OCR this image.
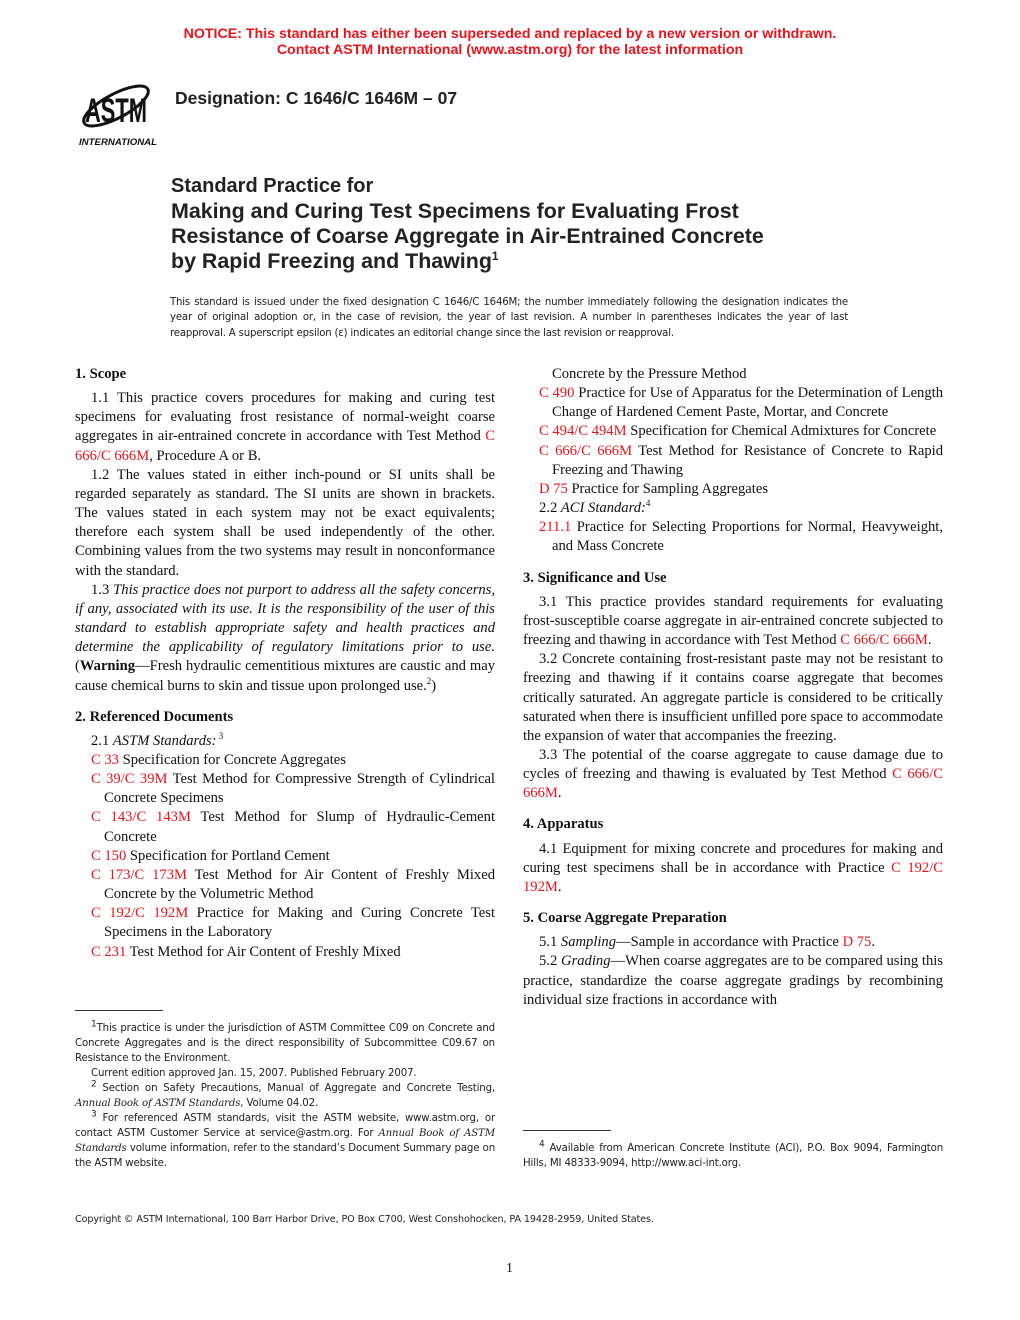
NOTICE: This standard has either been superseded and replaced by a new version or withdrawn.
Contact ASTM International (www.astm.org) for the latest information
ASTM
INTERNATIONAL
Designation: C 1646/C 1646M – 07
Standard Practice for
Making and Curing Test Specimens for Evaluating Frost
Resistance of Coarse Aggregate in Air-Entrained Concrete
by Rapid Freezing and Thawing$^1$
This standard is issued under the fixed designation C 1646/C 1646M; the number immediately following the designation indicates the year of original adoption or, in the case of revision, the year of last revision. A number in parentheses indicates the year of last reapproval. A superscript epsilon (ε) indicates an editorial change since the last revision or reapproval.

1. Scope

1.1 This practice covers procedures for making and curing test specimens for evaluating frost resistance of normal-weight coarse aggregates in air-entrained concrete in accordance with Test Method C 666/C 666M, Procedure A or B.

1.2 The values stated in either inch-pound or SI units shall be regarded separately as standard. The SI units are shown in brackets. The values stated in each system may not be exact equivalents; therefore each system shall be used independently of the other. Combining values from the two systems may result in nonconformance with the standard.

1.3 This practice does not purport to address all the safety concerns, if any, associated with its use. It is the responsibility of the user of this standard to establish appropriate safety and health practices and determine the applicability of regulatory limitations prior to use. (Warning—Fresh hydraulic cementitious mixtures are caustic and may cause chemical burns to skin and tissue upon prolonged use.$^2$)

2. Referenced Documents

2.1 ASTM Standards: $^3$

C 33 Specification for Concrete Aggregates

C 39/C 39M Test Method for Compressive Strength of Cylindrical Concrete Specimens

C 143/C 143M Test Method for Slump of Hydraulic-Cement Concrete

C 150 Specification for Portland Cement

C 173/C 173M Test Method for Air Content of Freshly Mixed Concrete by the Volumetric Method

C 192/C 192M Practice for Making and Curing Concrete Test Specimens in the Laboratory

C 231 Test Method for Air Content of Freshly Mixed

Concrete by the Pressure Method

C 490 Practice for Use of Apparatus for the Determination of Length Change of Hardened Cement Paste, Mortar, and Concrete

C 494/C 494M Specification for Chemical Admixtures for Concrete

C 666/C 666M Test Method for Resistance of Concrete to Rapid Freezing and Thawing

D 75 Practice for Sampling Aggregates

2.2 ACI Standard:$^4$

211.1 Practice for Selecting Proportions for Normal, Heavyweight, and Mass Concrete

3. Significance and Use

3.1 This practice provides standard requirements for evaluating frost-susceptible coarse aggregate in air-entrained concrete subjected to freezing and thawing in accordance with Test Method C 666/C 666M.

3.2 Concrete containing frost-resistant paste may not be resistant to freezing and thawing if it contains coarse aggregate that becomes critically saturated. An aggregate particle is considered to be critically saturated when there is insufficient unfilled pore space to accommodate the expansion of water that accompanies the freezing.

3.3 The potential of the coarse aggregate to cause damage due to cycles of freezing and thawing is evaluated by Test Method C 666/C 666M.

4. Apparatus

4.1 Equipment for mixing concrete and procedures for making and curing test specimens shall be in accordance with Practice C 192/C 192M.

5. Coarse Aggregate Preparation

5.1 Sampling—Sample in accordance with Practice D 75.

5.2 Grading—When coarse aggregates are to be compared using this practice, standardize the coarse aggregate gradings by recombining individual size fractions in accordance with

$^1$This practice is under the jurisdiction of ASTM Committee C09 on Concrete and Concrete Aggregates and is the direct responsibility of Subcommittee C09.67 on Resistance to the Environment.

Current edition approved Jan. 15, 2007. Published February 2007.

$^2$ Section on Safety Precautions, Manual of Aggregate and Concrete Testing, Annual Book of ASTM Standards, Volume 04.02.

$^3$ For referenced ASTM standards, visit the ASTM website, www.astm.org, or contact ASTM Customer Service at service@astm.org. For Annual Book of ASTM Standards volume information, refer to the standard’s Document Summary page on the ASTM website.

$^4$ Available from American Concrete Institute (ACI), P.O. Box 9094, Farmington Hills, MI 48333-9094, http://www.aci-int.org.

Copyright © ASTM International, 100 Barr Harbor Drive, PO Box C700, West Conshohocken, PA 19428-2959, United States.
1
